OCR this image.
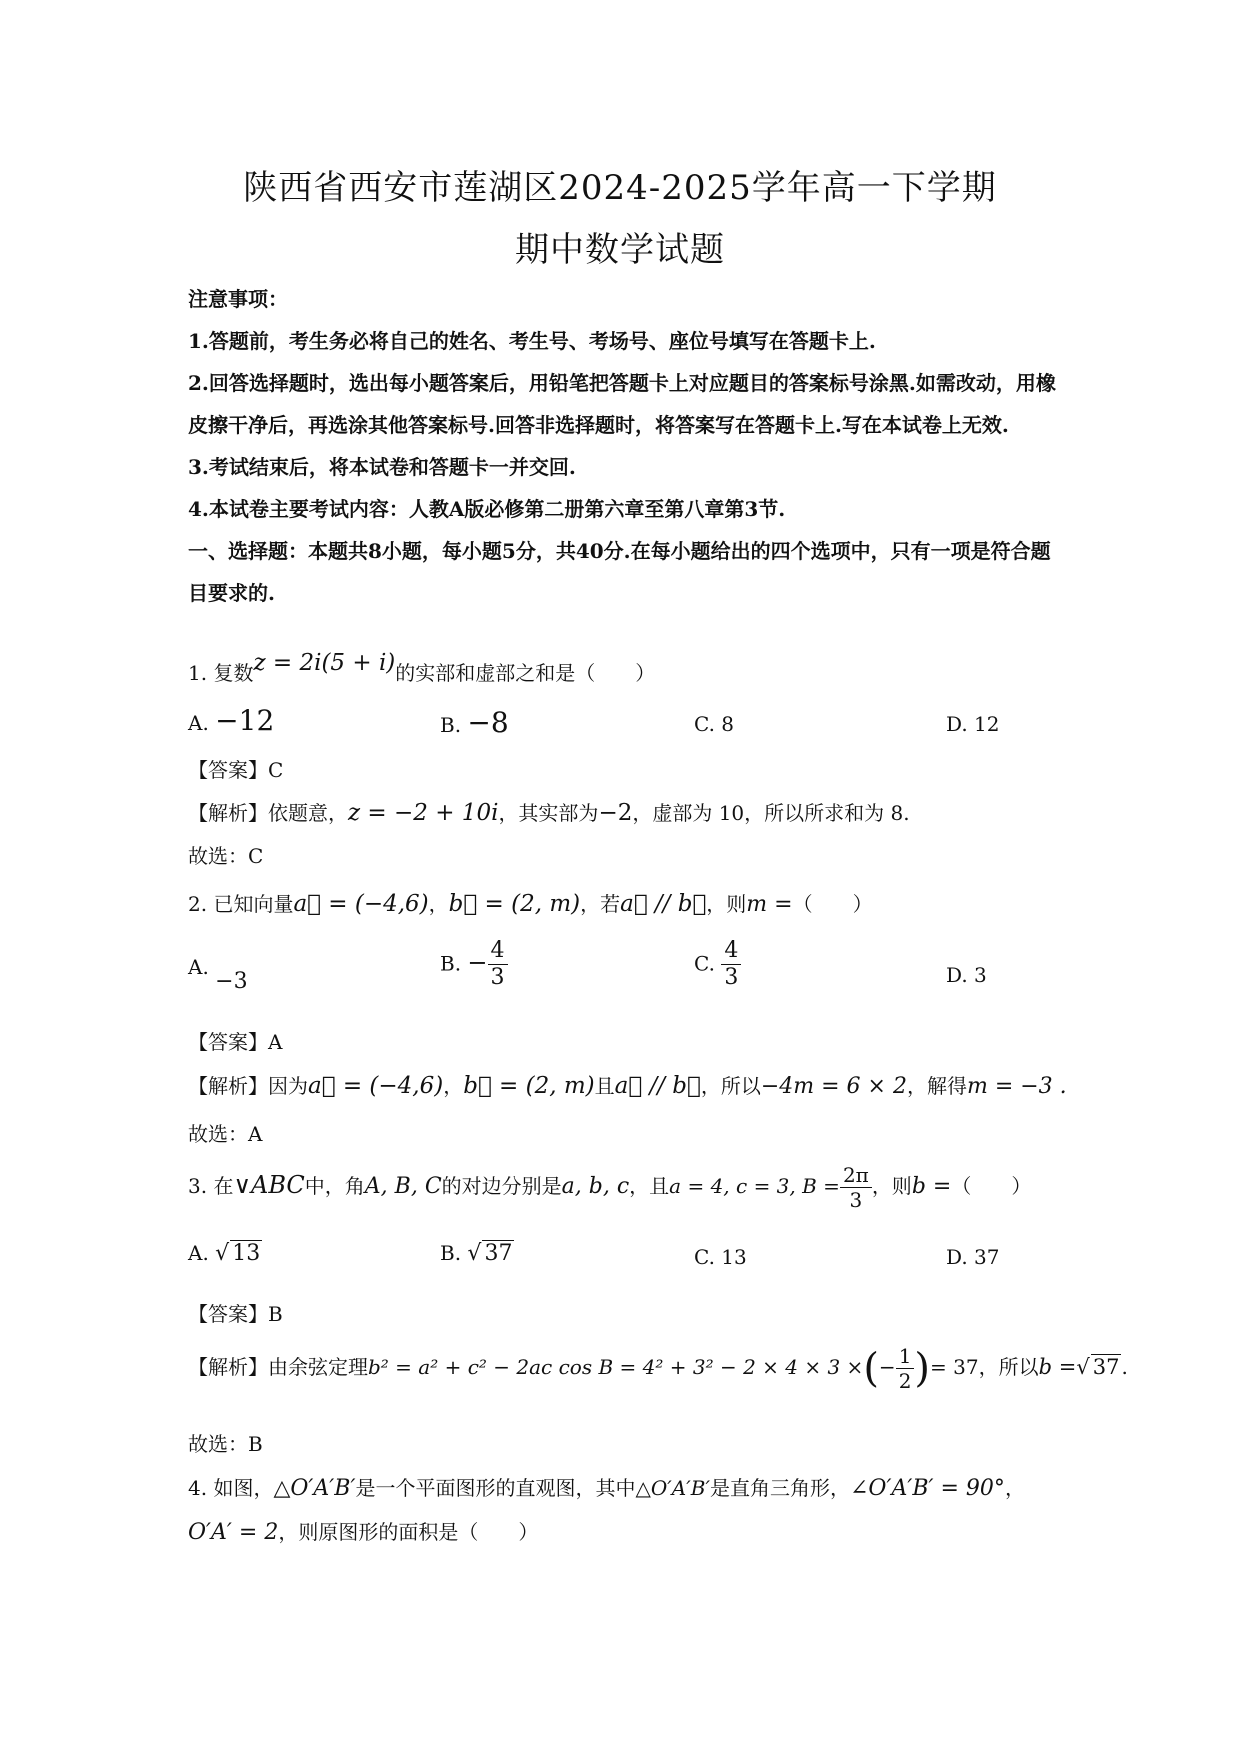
陕西省西安市莲湖区2024-2025学年高一下学期
期中数学试题
注意事项：
1.答题前，考生务必将自己的姓名、考生号、考场号、座位号填写在答题卡上.
2.回答选择题时，选出每小题答案后，用铅笔把答题卡上对应题目的答案标号涂黑.如需改动，用橡皮擦干净后，再选涂其他答案标号.回答非选择题时，将答案写在答题卡上.写在本试卷上无效.
3.考试结束后，将本试卷和答题卡一并交回.
4.本试卷主要考试内容：人教A版必修第二册第六章至第八章第3节.
一、选择题：本题共8小题，每小题5分，共40分.在每小题给出的四个选项中，只有一项是符合题目要求的.
1. 复数z = 2i(5 + i)的实部和虚部之和是（　　）
A. −12	B. −8	C. 8	D. 12
【答案】C
【解析】依题意，z = −2 + 10i，其实部为−2，虚部为 10，所以所求和为 8.
故选：C
2. 已知向量a⃗ = (−4,6)，b⃗ = (2, m)，若a⃗ // b⃗，则m =（　　）
A. −3
B. − $\frac{4}{3}$	C. $\frac{4}{3}$	D. 3
【答案】A
【解析】因为a⃗ = (−4,6)，b⃗ = (2, m)且a⃗ // b⃗，所以−4m = 6 × 2，解得m = −3 .
故选：A
3. 在∨ABC中，角A, B, C的对边分别是a, b, c，且a = 4, c = 3, $B = \frac{2\pi}{3}$ ，则b =（　　）
A. √ 13	B. √ 37	C. 13	D. 37
【答案】B
【解析】由余弦定理b² = a² + c² − 2ac cos B = 4² + 3² − 2 × 4 × 3 ×(− $\frac{1}{2}$ )= 37，所以b =√ 37 .
故选：B
4. 如图，△O′A′B′是一个平面图形的直观图，其中△O′A′B′是直角三角形，∠O′A′B′ = 90°，
O′A′ = 2，则原图形的面积是（　　）
